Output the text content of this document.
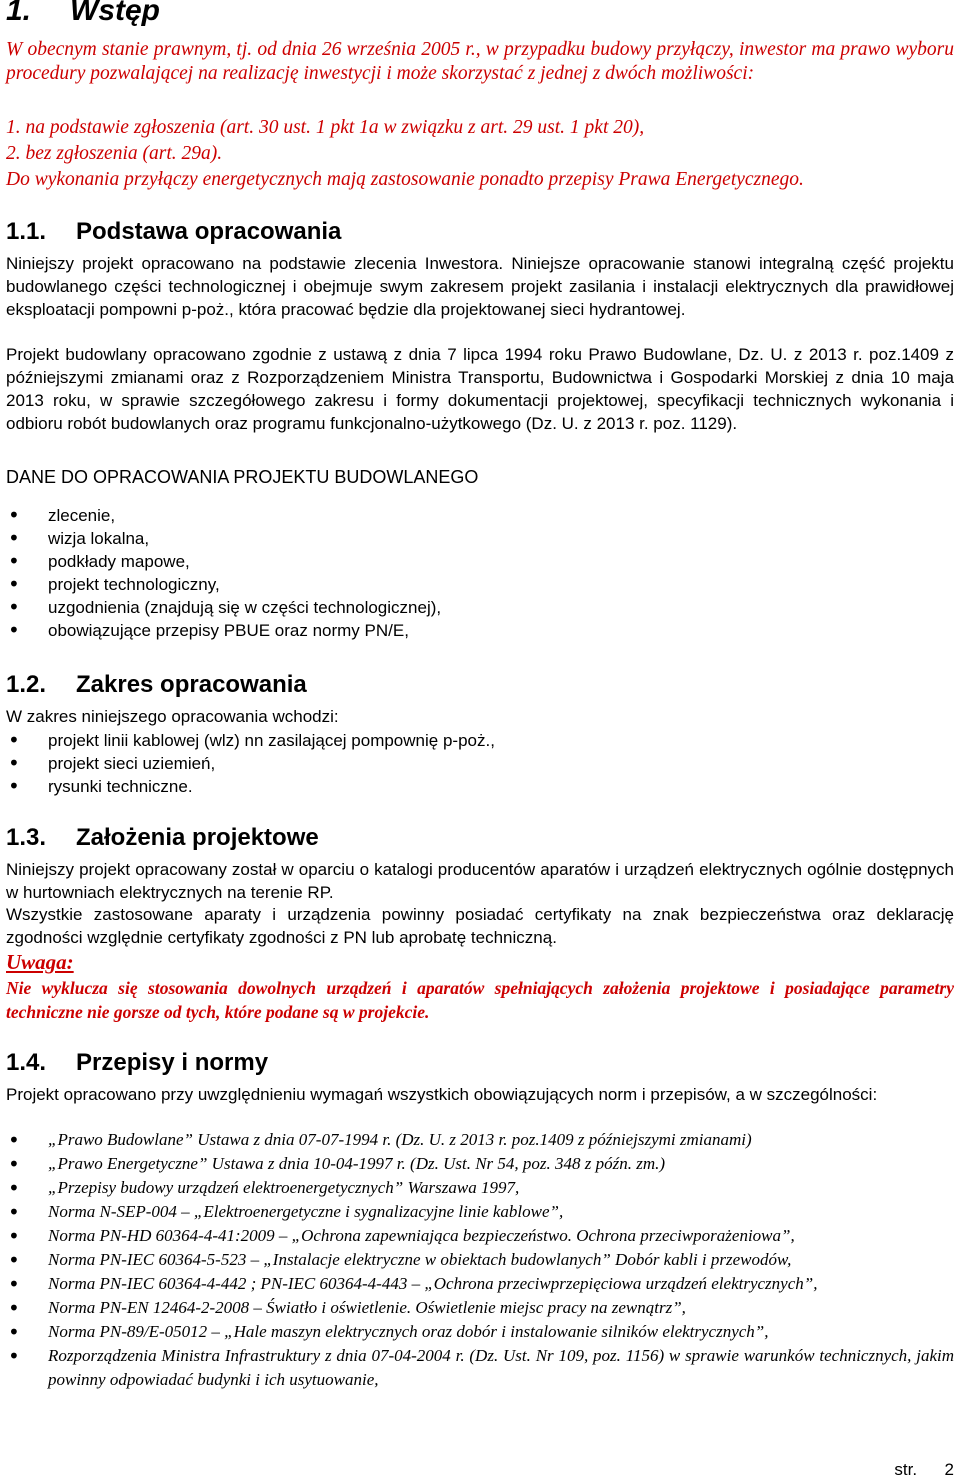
1. Wstęp
W obecnym stanie prawnym, tj. od dnia 26 września 2005 r., w przypadku budowy przyłączy, inwestor ma prawo wyboru procedury pozwalającej na realizację inwestycji i może skorzystać z jednej z dwóch możliwości:
1. na podstawie zgłoszenia (art. 30 ust. 1 pkt 1a w związku z art. 29 ust. 1 pkt 20),
2. bez zgłoszenia (art. 29a).
Do wykonania przyłączy energetycznych mają zastosowanie ponadto przepisy Prawa Energetycznego.
1.1. Podstawa opracowania
Niniejszy projekt opracowano na podstawie zlecenia Inwestora. Niniejsze opracowanie stanowi integralną część projektu budowlanego części technologicznej i obejmuje swym zakresem projekt zasilania i instalacji elektrycznych dla prawidłowej eksploatacji pompowni p-poż., która pracować będzie dla projektowanej sieci hydrantowej.
Projekt budowlany opracowano zgodnie z ustawą z dnia 7 lipca 1994 roku Prawo Budowlane, Dz. U. z 2013 r. poz.1409 z późniejszymi zmianami oraz z Rozporządzeniem Ministra Transportu, Budownictwa i Gospodarki Morskiej z dnia 10 maja 2013 roku, w sprawie szczegółowego zakresu i formy dokumentacji projektowej, specyfikacji technicznych wykonania i odbioru robót budowlanych oraz programu funkcjonalno-użytkowego (Dz. U. z 2013 r. poz. 1129).
DANE DO OPRACOWANIA PROJEKTU BUDOWLANEGO
• zlecenie,
• wizja lokalna,
• podkłady mapowe,
• projekt technologiczny,
• uzgodnienia (znajdują się w części technologicznej),
• obowiązujące przepisy PBUE oraz normy PN/E,
1.2. Zakres opracowania
W zakres niniejszego opracowania wchodzi:
• projekt linii kablowej (wlz) nn zasilającej pompownię p-poż.,
• projekt sieci uziemień,
• rysunki techniczne.
1.3. Założenia projektowe
Niniejszy projekt opracowany został w oparciu o katalogi producentów aparatów i urządzeń elektrycznych ogólnie dostępnych w hurtowniach elektrycznych na terenie RP.
Wszystkie zastosowane aparaty i urządzenia powinny posiadać certyfikaty na znak bezpieczeństwa oraz deklarację zgodności względnie certyfikaty zgodności z PN lub aprobatę techniczną.
Uwaga:
Nie wyklucza się stosowania dowolnych urządzeń i aparatów spełniających założenia projektowe i posiadające parametry techniczne nie gorsze od tych, które podane są w projekcie.
1.4. Przepisy i normy
Projekt opracowano przy uwzględnieniu wymagań wszystkich obowiązujących norm i przepisów, a w szczególności:
• „Prawo Budowlane” Ustawa z dnia 07-07-1994 r. (Dz. U. z 2013 r. poz.1409 z późniejszymi zmianami)
• „Prawo Energetyczne” Ustawa z dnia 10-04-1997 r. (Dz. Ust. Nr 54, poz. 348 z późn. zm.)
• „Przepisy budowy urządzeń elektroenergetycznych” Warszawa 1997,
• Norma N-SEP-004 – „Elektroenergetyczne i sygnalizacyjne linie kablowe”,
• Norma PN-HD 60364-4-41:2009 – „Ochrona zapewniająca bezpieczeństwo. Ochrona przeciwporażeniowa”,
• Norma PN-IEC 60364-5-523 – „Instalacje elektryczne w obiektach budowlanych” Dobór kabli i przewodów,
• Norma PN-IEC 60364-4-442 ; PN-IEC 60364-4-443 – „Ochrona przeciwprzepięciowa urządzeń elektrycznych”,
• Norma PN-EN 12464-2-2008 – Światło i oświetlenie. Oświetlenie miejsc pracy na zewnątrz”,
• Norma PN-89/E-05012 – „Hale maszyn elektrycznych oraz dobór i instalowanie silników elektrycznych”,
• Rozporządzenia Ministra Infrastruktury z dnia 07-04-2004 r. (Dz. Ust. Nr 109, poz. 1156) w sprawie warunków technicznych, jakim powinny odpowiadać budynki i ich usytuowanie,
str. 2
